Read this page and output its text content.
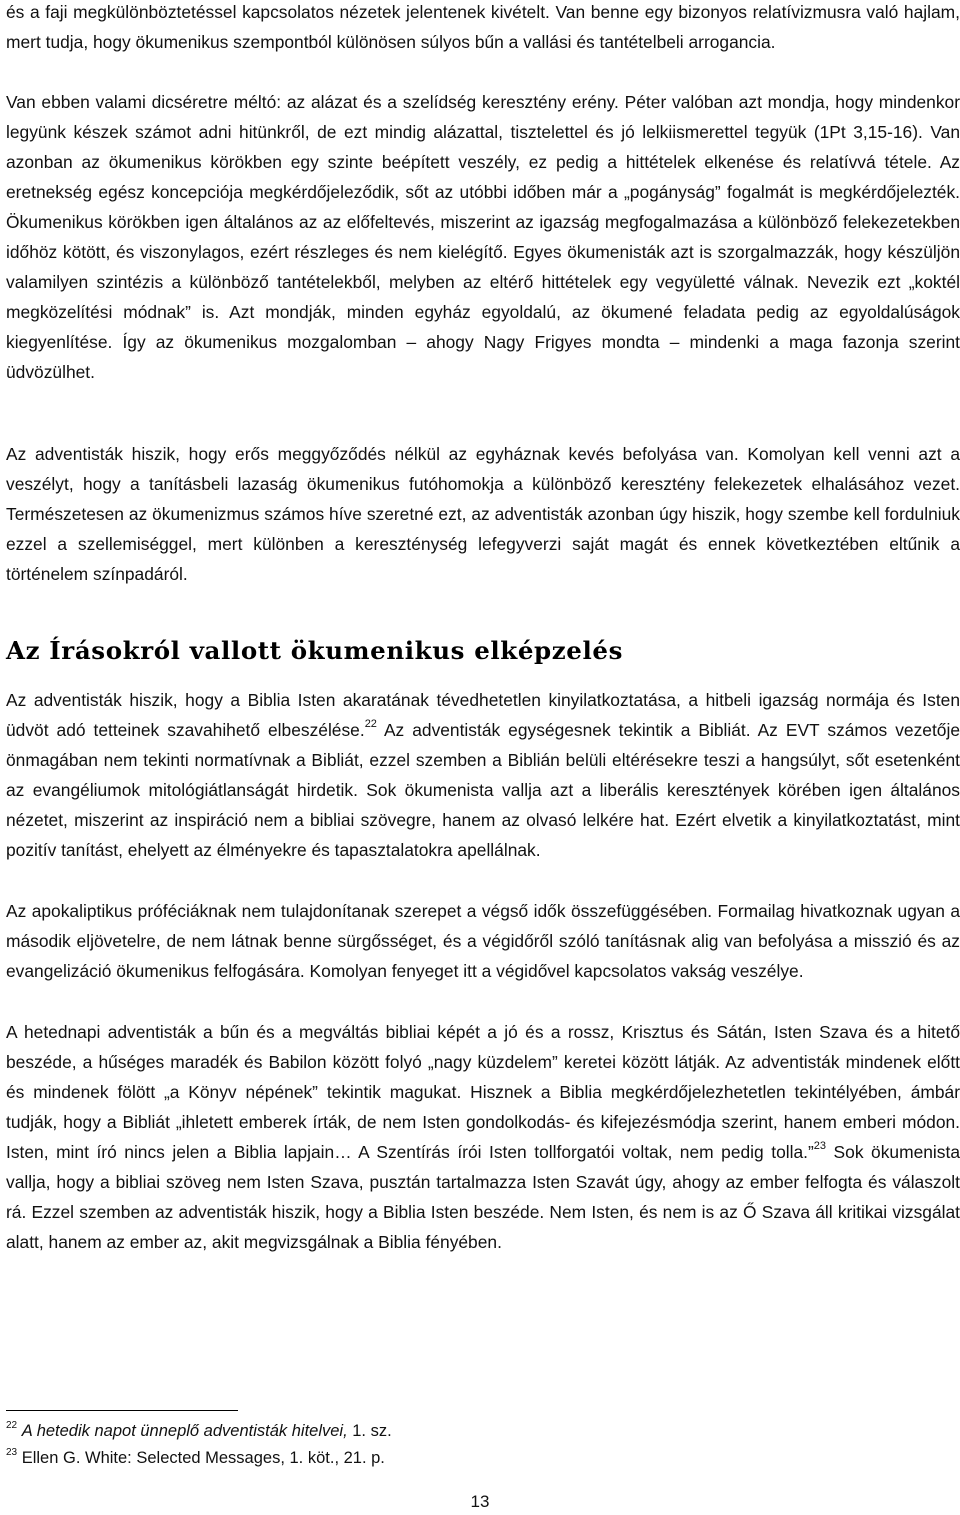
és a faji megkülönböztetéssel kapcsolatos nézetek jelentenek kivételt. Van benne egy bizonyos relatívizmusra való hajlam, mert tudja, hogy ökumenikus szempontból különösen súlyos bűn a vallási és tantételbeli arrogancia.

Van ebben valami dicséretre méltó: az alázat és a szelídség keresztény erény. Péter valóban azt mondja, hogy mindenkor legyünk készek számot adni hitünkről, de ezt mindig alázattal, tisztelettel és jó lelkiismerettel tegyük (1Pt 3,15-16). Van azonban az ökumenikus körökben egy szinte beépített veszély, ez pedig a hittételek elkenése és relatívvá tétele. Az eretnekség egész koncepciója megkérdőjeleződik, sőt az utóbbi időben már a „pogányság” fogalmát is megkérdőjelezték. Ökumenikus körökben igen általános az az előfeltevés, miszerint az igazság megfogalmazása a különböző felekezetekben időhöz kötött, és viszonylagos, ezért részleges és nem kielégítő. Egyes ökumenisták azt is szorgalmazzák, hogy készüljön valamilyen szintézis a különböző tantételekből, melyben az eltérő hittételek egy vegyületté válnak. Nevezik ezt „koktél megközelítési módnak” is. Azt mondják, minden egyház egyoldalú, az ökumené feladata pedig az egyoldalúságok kiegyenlítése. Így az ökumenikus mozgalomban – ahogy Nagy Frigyes mondta – mindenki a maga fazonja szerint üdvözülhet.

Az adventisták hiszik, hogy erős meggyőződés nélkül az egyháznak kevés befolyása van. Komolyan kell venni azt a veszélyt, hogy a tanításbeli lazaság ökumenikus futóhomokja a különböző keresztény felekezetek elhalásához vezet. Természetesen az ökumenizmus számos híve szeretné ezt, az adventisták azonban úgy hiszik, hogy szembe kell fordulniuk ezzel a szellemiséggel, mert különben a kereszténység lefegyverzi saját magát és ennek következtében eltűnik a történelem színpadáról.

Az Írásokról vallott ökumenikus elképzelés

Az adventisták hiszik, hogy a Biblia Isten akaratának tévedhetetlen kinyilatkoztatása, a hitbeli igazság normája és Isten üdvöt adó tetteinek szavahihető elbeszélése.$^{22}$ Az adventisták egységesnek tekintik a Bibliát. Az EVT számos vezetője önmagában nem tekinti normatívnak a Bibliát, ezzel szemben a Biblián belüli eltérésekre teszi a hangsúlyt, sőt esetenként az evangéliumok mitológiátlanságát hirdetik. Sok ökumenista vallja azt a liberális keresztények körében igen általános nézetet, miszerint az inspiráció nem a bibliai szövegre, hanem az olvasó lelkére hat. Ezért elvetik a kinyilatkoztatást, mint pozitív tanítást, ehelyett az élményekre és tapasztalatokra apellálnak.

Az apokaliptikus próféciáknak nem tulajdonítanak szerepet a végső idők összefüggésében. Formailag hivatkoznak ugyan a második eljövetelre, de nem látnak benne sürgősséget, és a végidőről szóló tanításnak alig van befolyása a misszió és az evangelizáció ökumenikus felfogására. Komolyan fenyeget itt a végidővel kapcsolatos vakság veszélye.

A hetednapi adventisták a bűn és a megváltás bibliai képét a jó és a rossz, Krisztus és Sátán, Isten Szava és a hitető beszéde, a hűséges maradék és Babilon között folyó „nagy küzdelem” keretei között látják. Az adventisták mindenek előtt és mindenek fölött „a Könyv népének” tekintik magukat. Hisznek a Biblia megkérdőjelezhetetlen tekintélyében, ámbár tudják, hogy a Bibliát „ihletett emberek írták, de nem Isten gondolkodás- és kifejezésmódja szerint, hanem emberi módon. Isten, mint író nincs jelen a Biblia lapjain… A Szentírás írói Isten tollforgatói voltak, nem pedig tolla.”$^{23}$ Sok ökumenista vallja, hogy a bibliai szöveg nem Isten Szava, pusztán tartalmazza Isten Szavát úgy, ahogy az ember felfogta és válaszolt rá. Ezzel szemben az adventisták hiszik, hogy a Biblia Isten beszéde. Nem Isten, és nem is az Ő Szava áll kritikai vizsgálat alatt, hanem az ember az, akit megvizsgálnak a Biblia fényében.

$^{22}$ A hetedik napot ünneplő adventisták hitelvei, 1. sz.

$^{23}$ Ellen G. White: Selected Messages, 1. köt., 21. p.

13
